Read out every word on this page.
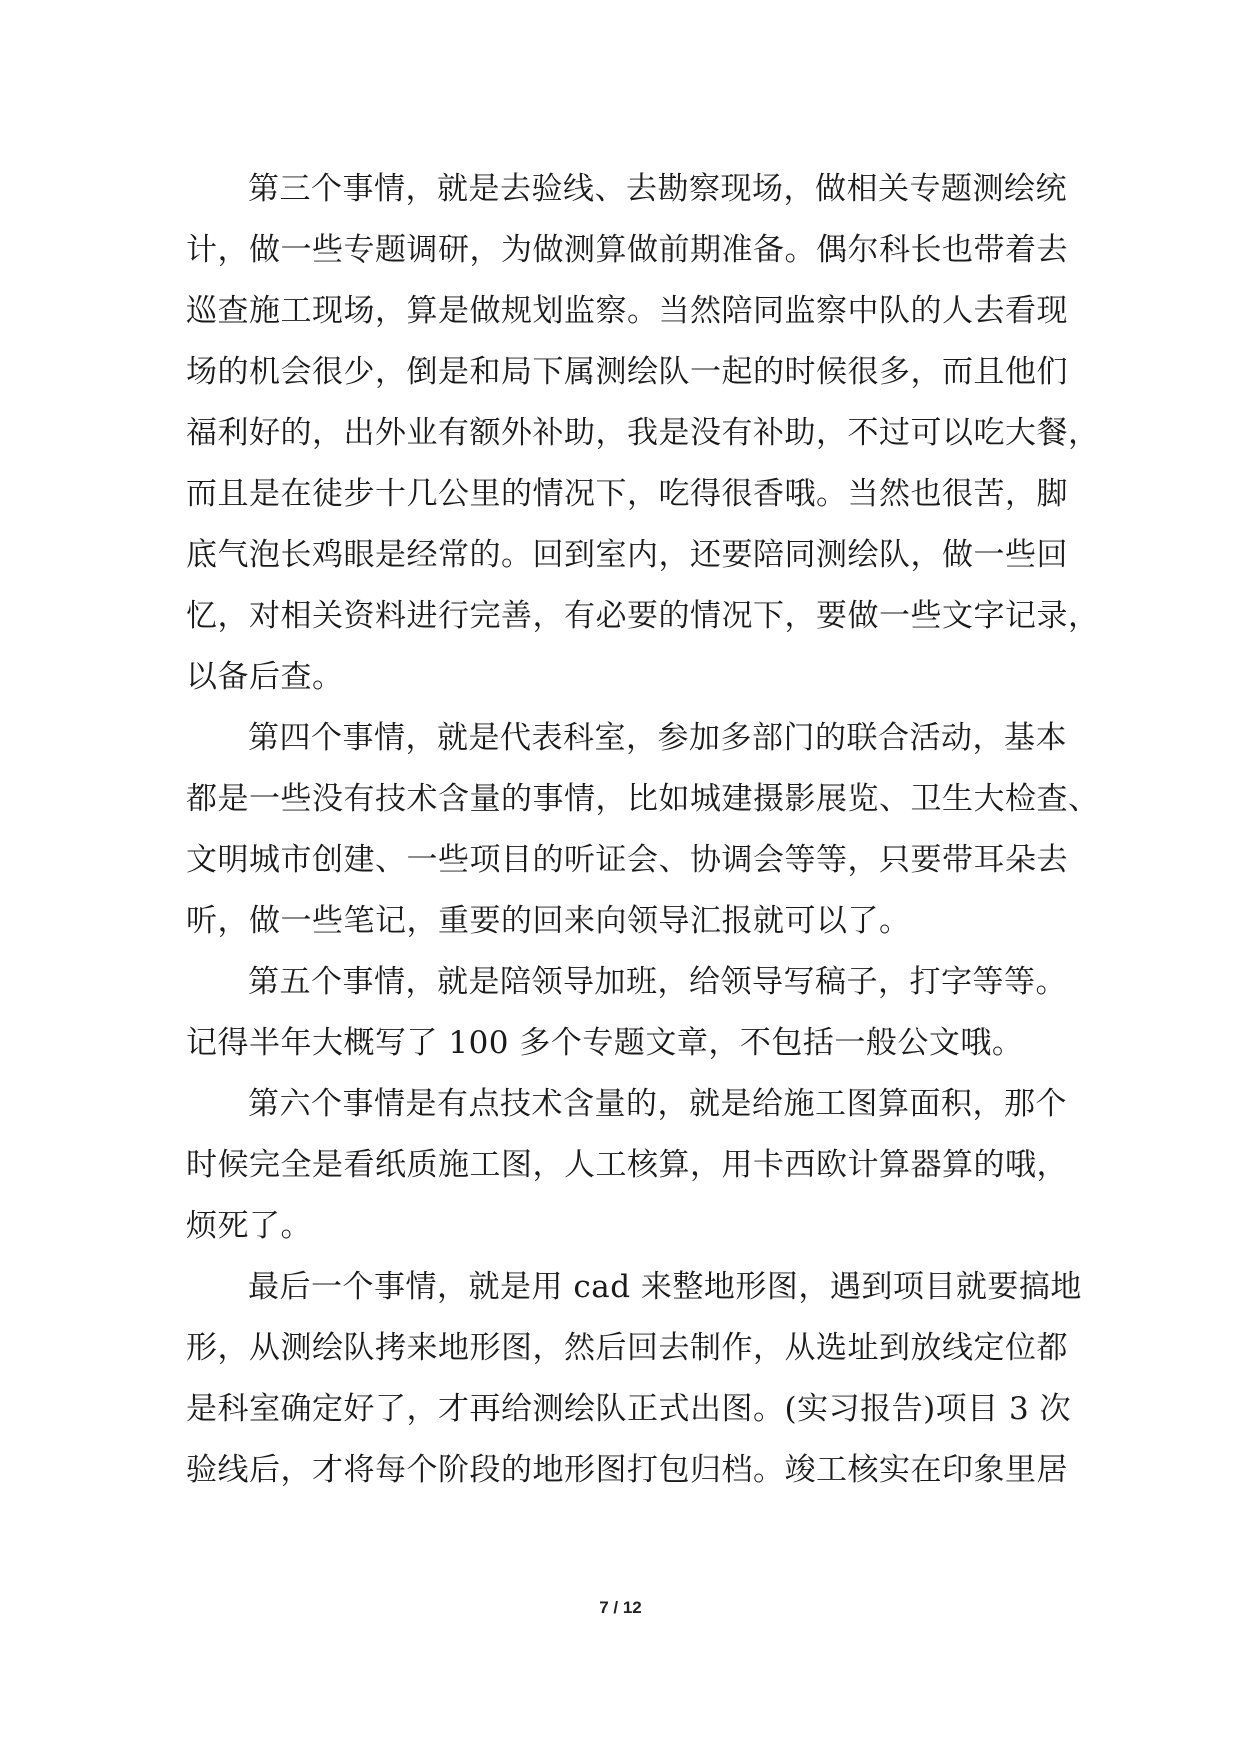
第三个事情，就是去验线、去勘察现场，做相关专题测绘统
计，做一些专题调研，为做测算做前期准备。偶尔科长也带着去
巡查施工现场，算是做规划监察。当然陪同监察中队的人去看现
场的机会很少，倒是和局下属测绘队一起的时候很多，而且他们
福利好的，出外业有额外补助，我是没有补助，不过可以吃大餐，
而且是在徒步十几公里的情况下，吃得很香哦。当然也很苦，脚
底气泡长鸡眼是经常的。回到室内，还要陪同测绘队，做一些回
忆，对相关资料进行完善，有必要的情况下，要做一些文字记录，
以备后查。
第四个事情，就是代表科室，参加多部门的联合活动，基本
都是一些没有技术含量的事情，比如城建摄影展览、卫生大检查、
文明城市创建、一些项目的听证会、协调会等等，只要带耳朵去
听，做一些笔记，重要的回来向领导汇报就可以了。
第五个事情，就是陪领导加班，给领导写稿子，打字等等。
记得半年大概写了 100 多个专题文章，不包括一般公文哦。
第六个事情是有点技术含量的，就是给施工图算面积，那个
时候完全是看纸质施工图，人工核算，用卡西欧计算器算的哦，
烦死了。
最后一个事情，就是用 cad 来整地形图，遇到项目就要搞地
形，从测绘队拷来地形图，然后回去制作，从选址到放线定位都
是科室确定好了，才再给测绘队正式出图。(实习报告)项目 3 次
验线后，才将每个阶段的地形图打包归档。竣工核实在印象里居
7 / 12
